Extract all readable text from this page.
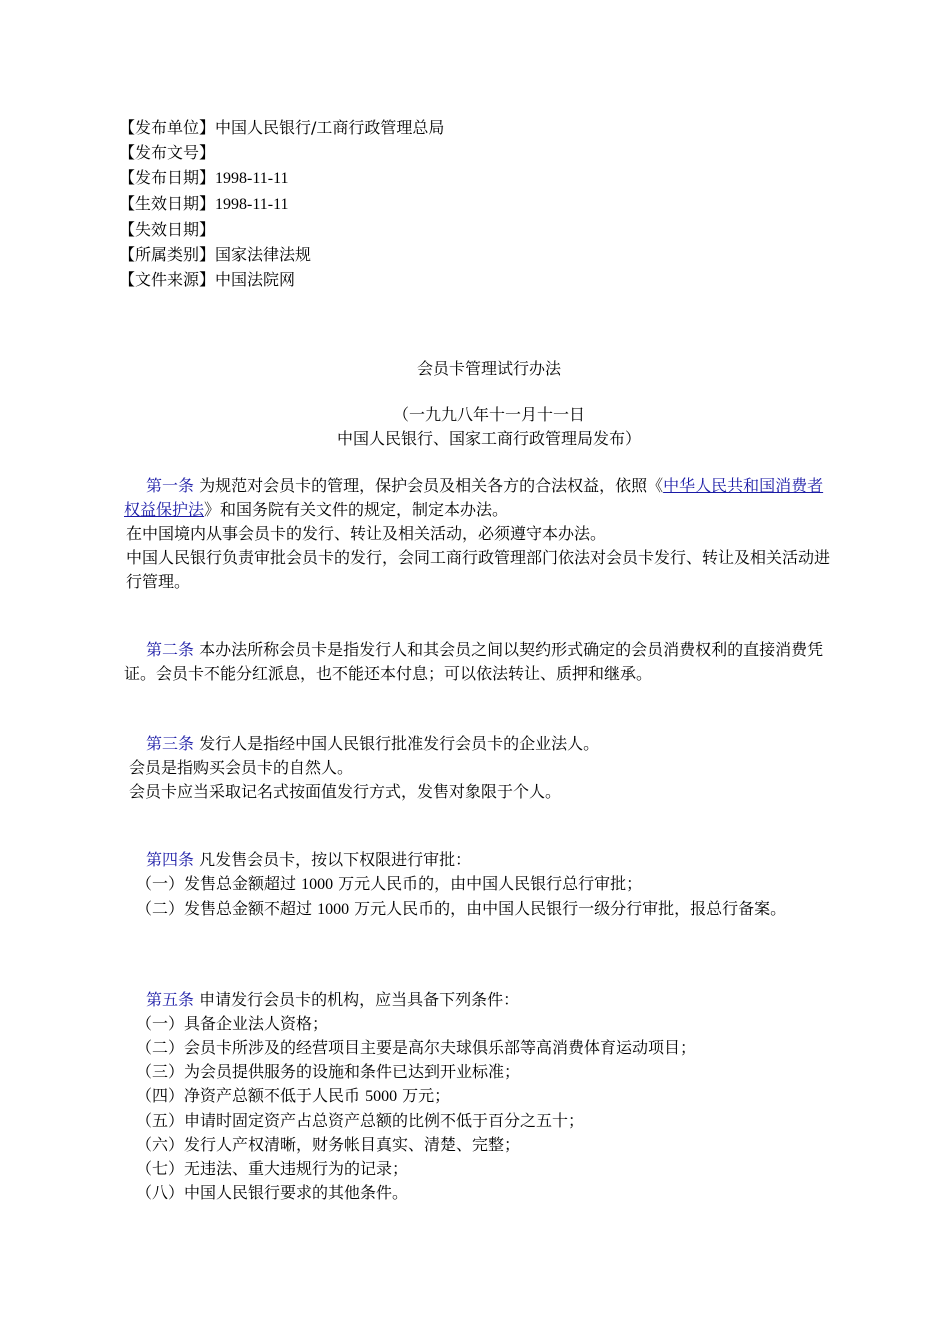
【发布单位】中国人民银行/工商行政管理总局
【发布文号】
【发布日期】1998-11-11
【生效日期】1998-11-11
【失效日期】
【所属类别】国家法律法规
【文件来源】中国法院网
会员卡管理试行办法
（一九九八年十一月十一日
中国人民银行、国家工商行政管理局发布）

第一条 为规范对会员卡的管理，保护会员及相关各方的合法权益，依照《中华人民共和国消费者权益保护法》和国务院有关文件的规定，制定本办法。

在中国境内从事会员卡的发行、转让及相关活动，必须遵守本办法。

中国人民银行负责审批会员卡的发行，会同工商行政管理部门依法对会员卡发行、转让及相关活动进行管理。

第二条 本办法所称会员卡是指发行人和其会员之间以契约形式确定的会员消费权利的直接消费凭证。会员卡不能分红派息，也不能还本付息；可以依法转让、质押和继承。

第三条 发行人是指经中国人民银行批准发行会员卡的企业法人。

会员是指购买会员卡的自然人。

会员卡应当采取记名式按面值发行方式，发售对象限于个人。

第四条 凡发售会员卡，按以下权限进行审批：

（一）发售总金额超过 1000 万元人民币的，由中国人民银行总行审批；

（二）发售总金额不超过 1000 万元人民币的，由中国人民银行一级分行审批，报总行备案。

第五条 申请发行会员卡的机构，应当具备下列条件：

（一）具备企业法人资格；

（二）会员卡所涉及的经营项目主要是高尔夫球俱乐部等高消费体育运动项目；

（三）为会员提供服务的设施和条件已达到开业标准；

（四）净资产总额不低于人民币 5000 万元；

（五）申请时固定资产占总资产总额的比例不低于百分之五十；

（六）发行人产权清晰，财务帐目真实、清楚、完整；

（七）无违法、重大违规行为的记录；

（八）中国人民银行要求的其他条件。
